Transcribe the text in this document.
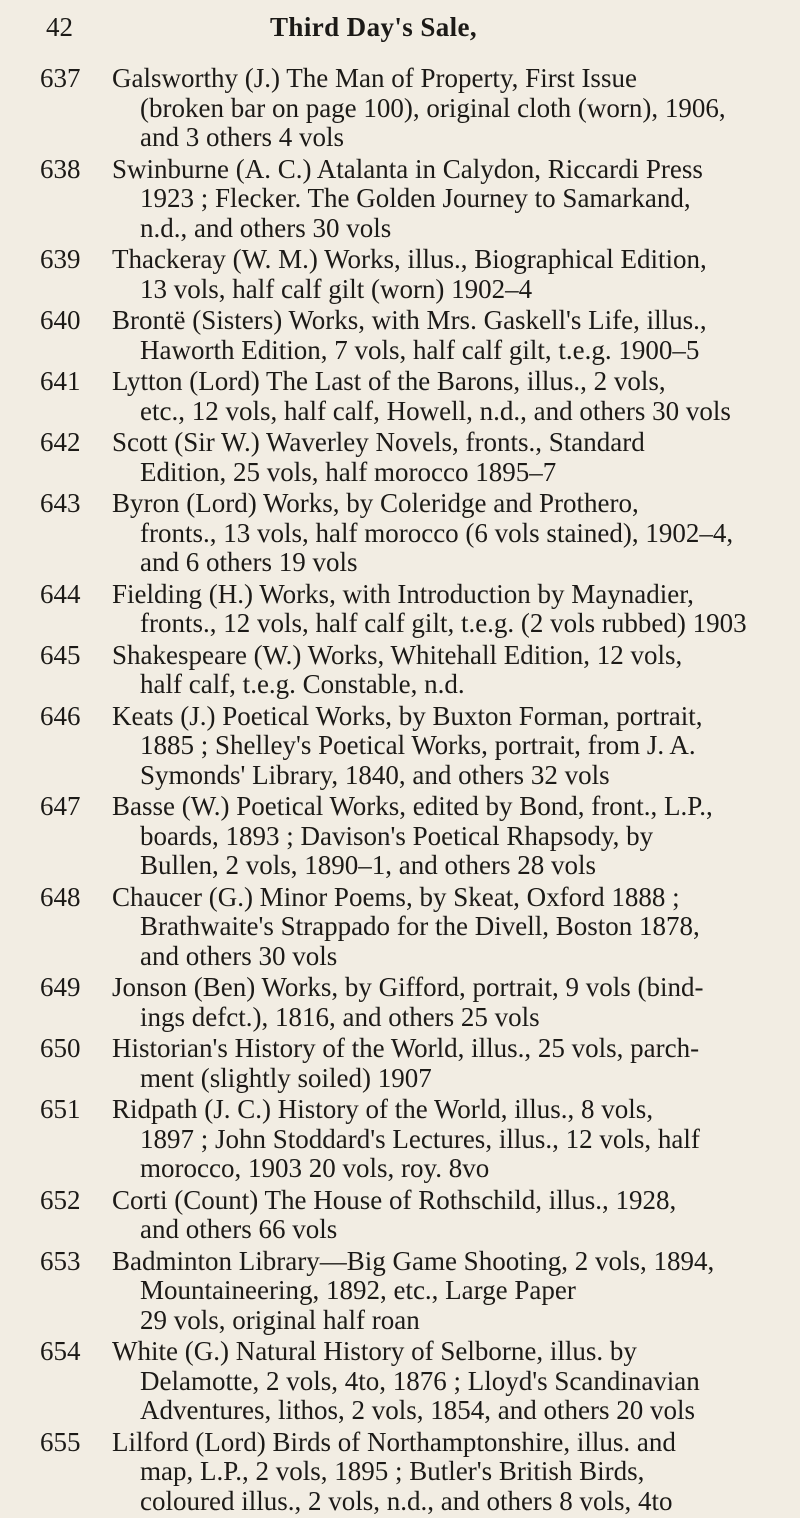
42	Third Day's Sale,
637	Galsworthy (J.) The Man of Property, First Issue
(broken bar on page 100), original cloth (worn), 1906,
and 3 others 4 vols
638	Swinburne (A. C.) Atalanta in Calydon, Riccardi Press
1923 ; Flecker. The Golden Journey to Samarkand,
n.d., and others 30 vols
639	Thackeray (W. M.) Works, illus., Biographical Edition,
13 vols, half calf gilt (worn) 1902–4
640	Brontë (Sisters) Works, with Mrs. Gaskell's Life, illus.,
Haworth Edition, 7 vols, half calf gilt, t.e.g. 1900–5
641	Lytton (Lord) The Last of the Barons, illus., 2 vols,
etc., 12 vols, half calf, Howell, n.d., and others 30 vols
642	Scott (Sir W.) Waverley Novels, fronts., Standard
Edition, 25 vols, half morocco 1895–7
643	Byron (Lord) Works, by Coleridge and Prothero,
fronts., 13 vols, half morocco (6 vols stained), 1902–4,
and 6 others 19 vols
644	Fielding (H.) Works, with Introduction by Maynadier,
fronts., 12 vols, half calf gilt, t.e.g. (2 vols rubbed) 1903
645	Shakespeare (W.) Works, Whitehall Edition, 12 vols,
half calf, t.e.g. Constable, n.d.
646	Keats (J.) Poetical Works, by Buxton Forman, portrait,
1885 ; Shelley's Poetical Works, portrait, from J. A.
Symonds' Library, 1840, and others 32 vols
647	Basse (W.) Poetical Works, edited by Bond, front., L.P.,
boards, 1893 ; Davison's Poetical Rhapsody, by
Bullen, 2 vols, 1890–1, and others 28 vols
648	Chaucer (G.) Minor Poems, by Skeat, Oxford 1888 ;
Brathwaite's Strappado for the Divell, Boston 1878,
and others 30 vols
649	Jonson (Ben) Works, by Gifford, portrait, 9 vols (bind-
ings defct.), 1816, and others 25 vols
650	Historian's History of the World, illus., 25 vols, parch-
ment (slightly soiled) 1907
651	Ridpath (J. C.) History of the World, illus., 8 vols,
1897 ; John Stoddard's Lectures, illus., 12 vols, half
morocco, 1903 20 vols, roy. 8vo
652	Corti (Count) The House of Rothschild, illus., 1928,
and others 66 vols
653	Badminton Library—Big Game Shooting, 2 vols, 1894,
Mountaineering, 1892, etc., Large Paper
29 vols, original half roan
654	White (G.) Natural History of Selborne, illus. by
Delamotte, 2 vols, 4to, 1876 ; Lloyd's Scandinavian
Adventures, lithos, 2 vols, 1854, and others 20 vols
655	Lilford (Lord) Birds of Northamptonshire, illus. and
map, L.P., 2 vols, 1895 ; Butler's British Birds,
coloured illus., 2 vols, n.d., and others 8 vols, 4to
